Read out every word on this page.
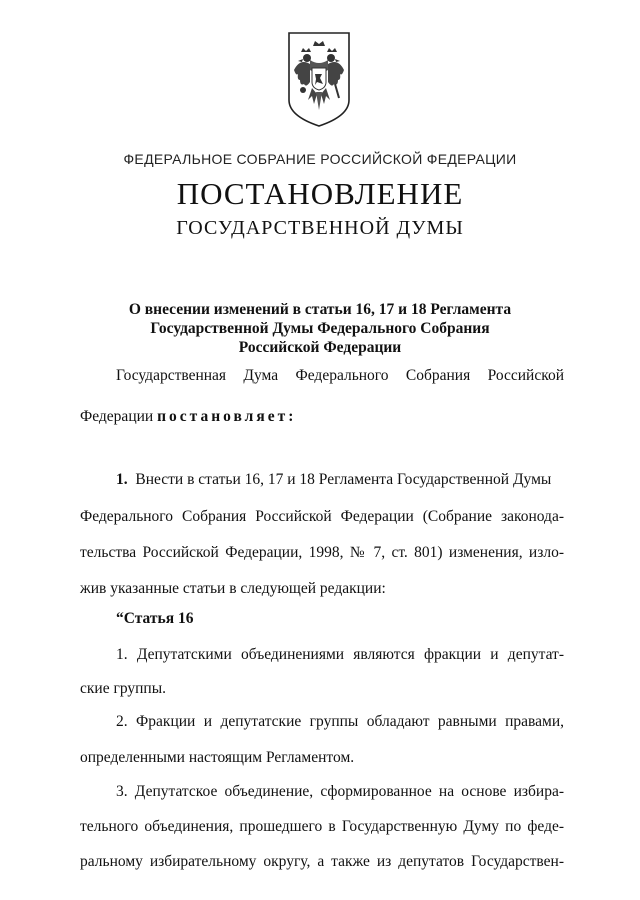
ФЕДЕРАЛЬНОЕ СОБРАНИЕ РОССИЙСКОЙ ФЕДЕРАЦИИ
ПОСТАНОВЛЕНИЕ
ГОСУДАРСТВЕННОЙ ДУМЫ
О внесении изменений в статьи 16, 17 и 18 Регламента
Государственной Думы Федерального Собрания
Российской Федерации
Государственная Дума Федерального Собрания Российской
Федерации постановляет:
1. Внести в статьи 16, 17 и 18 Регламента Государственной Думы
Федерального Собрания Российской Федерации (Собрание законода-
тельства Российской Федерации, 1998, № 7, ст. 801) изменения, изло-
жив указанные статьи в следующей редакции:
“Статья 16
1. Депутатскими объединениями являются фракции и депутат-
ские группы.
2. Фракции и депутатские группы обладают равными правами,
определенными настоящим Регламентом.
3. Депутатское объединение, сформированное на основе избира-
тельного объединения, прошедшего в Государственную Думу по феде-
ральному избирательному округу, а также из депутатов Государствен-
